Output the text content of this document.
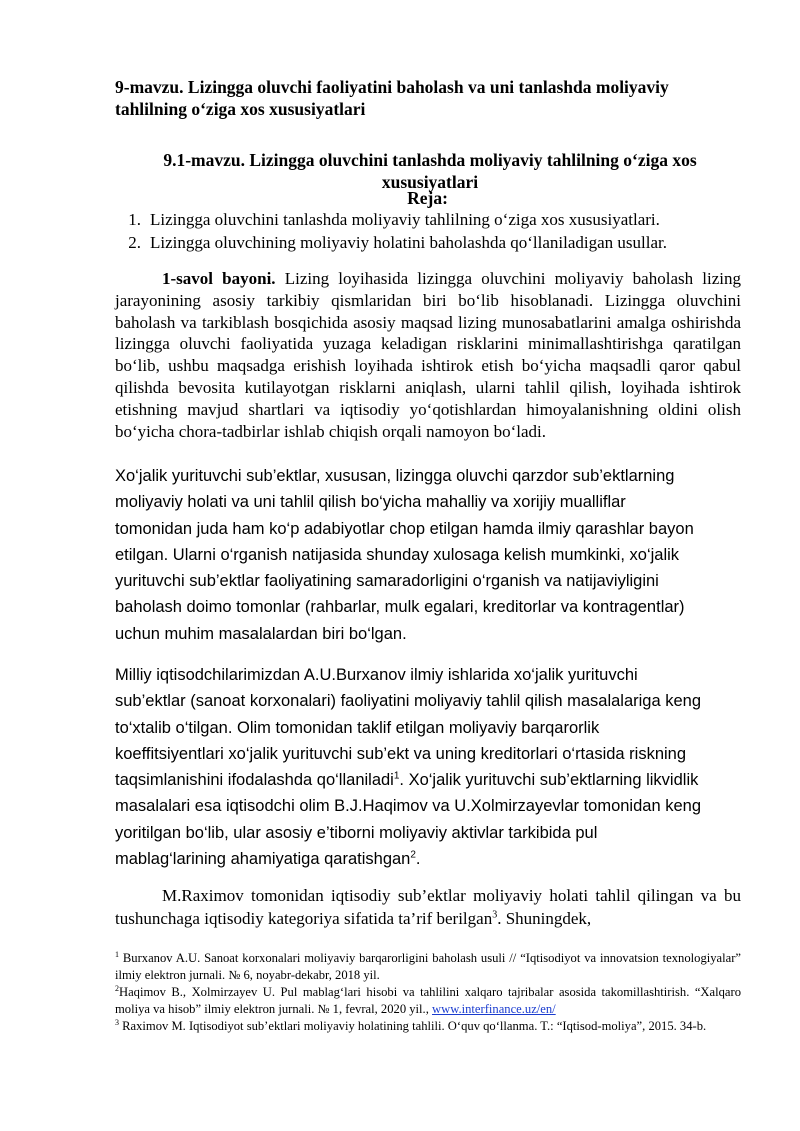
9-mavzu. Lizingga oluvchi faoliyatini baholash va uni tanlashda moliyaviy tahlilning o‘ziga xos xususiyatlari
9.1-mavzu. Lizingga oluvchini tanlashda moliyaviy tahlilning o‘ziga xos xususiyatlari
Reja:
1. Lizingga oluvchini tanlashda moliyaviy tahlilning o‘ziga xos xususiyatlari.
2. Lizingga oluvchining moliyaviy holatini baholashda qo‘llaniladigan usullar.

1-savol bayoni. Lizing loyihasida lizingga oluvchini moliyaviy baholash lizing jarayonining asosiy tarkibiy qismlaridan biri bo‘lib hisoblanadi. Lizingga oluvchini baholash va tarkiblash bosqichida asosiy maqsad lizing munosabatlarini amalga oshirishda lizingga oluvchi faoliyatida yuzaga keladigan risklarini minimallashtirishga qaratilgan bo‘lib, ushbu maqsadga erishish loyihada ishtirok etish bo‘yicha maqsadli qaror qabul qilishda bevosita kutilayotgan risklarni aniqlash, ularni tahlil qilish, loyihada ishtirok etishning mavjud shartlari va iqtisodiy yo‘qotishlardan himoyalanishning oldini olish bo‘yicha chora-tadbirlar ishlab chiqish orqali namoyon bo‘ladi.

Xo‘jalik yurituvchi sub’ektlar, xususan, lizingga oluvchi qarzdor sub’ektlarning
moliyaviy holati va uni tahlil qilish bo‘yicha mahalliy va xorijiy mualliflar
tomonidan juda ham ko‘p adabiyotlar chop etilgan hamda ilmiy qarashlar bayon
etilgan. Ularni o‘rganish natijasida shunday xulosaga kelish mumkinki, xo‘jalik
yurituvchi sub’ektlar faoliyatining samaradorligini o‘rganish va natijaviyligini
baholash doimo tomonlar (rahbarlar, mulk egalari, kreditorlar va kontragentlar)
uchun muhim masalalardan biri bo‘lgan.

Milliy iqtisodchilarimizdan A.U.Burxanov ilmiy ishlarida xo‘jalik yurituvchi
sub’ektlar (sanoat korxonalari) faoliyatini moliyaviy tahlil qilish masalalariga keng
to‘xtalib o‘tilgan. Olim tomonidan taklif etilgan moliyaviy barqarorlik
koeffitsiyentlari xo‘jalik yurituvchi sub’ekt va uning kreditorlari o‘rtasida riskning
taqsimlanishini ifodalashda qo‘llaniladi$^1$. Xo‘jalik yurituvchi sub’ektlarning likvidlik
masalalari esa iqtisodchi olim B.J.Haqimov va U.Xolmirzayevlar tomonidan keng
yoritilgan bo‘lib, ular asosiy e’tiborni moliyaviy aktivlar tarkibida pul
mablag‘larining ahamiyatiga qaratishgan$^2$.

M.Raximov tomonidan iqtisodiy sub’ektlar moliyaviy holati tahlil qilingan va bu tushunchaga iqtisodiy kategoriya sifatida ta’rif berilgan$^3$. Shuningdek,

$^1$ Burxanov A.U. Sanoat korxonalari moliyaviy barqarorligini baholash usuli // “Iqtisodiyot va innovatsion texnologiyalar” ilmiy elektron jurnali. № 6, noyabr-dekabr, 2018 yil.

$^2$Haqimov B., Xolmirzayev U. Pul mablag‘lari hisobi va tahlilini xalqaro tajribalar asosida takomillashtirish. “Xalqaro moliya va hisob” ilmiy elektron jurnali. № 1, fevral, 2020 yil., www.interfinance.uz/en/

$^3$ Raximov M. Iqtisodiyot sub’ektlari moliyaviy holatining tahlili. O‘quv qo‘llanma. T.: “Iqtisod-moliya”, 2015. 34-b.
